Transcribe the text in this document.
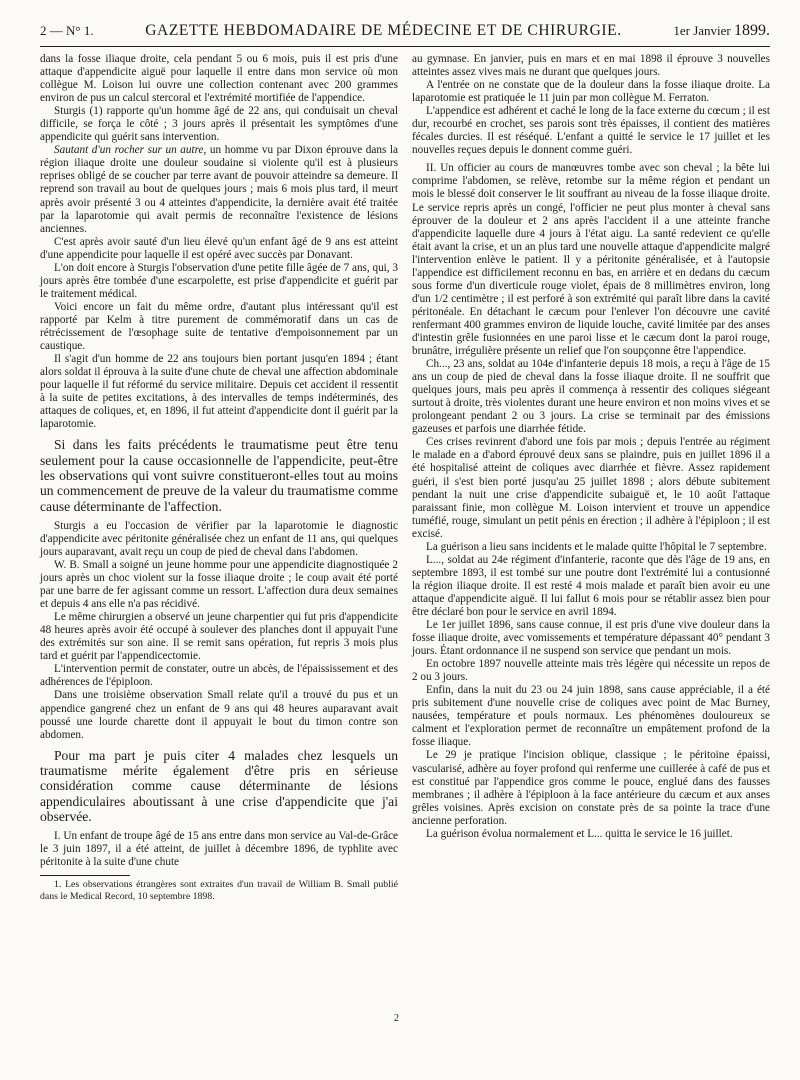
2 — N° 1.	GAZETTE HEBDOMADAIRE DE MÉDECINE ET DE CHIRURGIE.	1er Janvier 1899.

dans la fosse iliaque droite, cela pendant 5 ou 6 mois, puis il est pris d'une attaque d'appendicite aiguë pour laquelle il entre dans mon service où mon collègue M. Loison lui ouvre une collection contenant avec 200 grammes environ de pus un calcul stercoral et l'extrémité mortifiée de l'appendice.

Sturgis (1) rapporte qu'un homme âgé de 22 ans, qui conduisait un cheval difficile, se força le côté ; 3 jours après il présentait les symptômes d'une appendicite qui guérit sans intervention.

Sautant d'un rocher sur un autre, un homme vu par Dixon éprouve dans la région iliaque droite une douleur soudaine si violente qu'il est à plusieurs reprises obligé de se coucher par terre avant de pouvoir atteindre sa demeure. Il reprend son travail au bout de quelques jours ; mais 6 mois plus tard, il meurt après avoir présenté 3 ou 4 atteintes d'appendicite, la dernière avait été traitée par la laparotomie qui avait permis de reconnaître l'existence de lésions anciennes.

C'est après avoir sauté d'un lieu élevé qu'un enfant âgé de 9 ans est atteint d'une appendicite pour laquelle il est opéré avec succès par Donavant.

L'on doit encore à Sturgis l'observation d'une petite fille âgée de 7 ans, qui, 3 jours après être tombée d'une escarpolette, est prise d'appendicite et guérit par le traitement médical.

Voici encore un fait du même ordre, d'autant plus intéressant qu'il est rapporté par Kelm à titre purement de commémoratif dans un cas de rétrécissement de l'œsophage suite de tentative d'empoisonnement par un caustique.

Il s'agit d'un homme de 22 ans toujours bien portant jusqu'en 1894 ; étant alors soldat il éprouva à la suite d'une chute de cheval une affection abdominale pour laquelle il fut réformé du service militaire. Depuis cet accident il ressentit à la suite de petites excitations, à des intervalles de temps indéterminés, des attaques de coliques, et, en 1896, il fut atteint d'appendicite dont il guérit par la laparotomie.

Si dans les faits précédents le traumatisme peut être tenu seulement pour la cause occasionnelle de l'appendicite, peut-être les observations qui vont suivre constitueront-elles tout au moins un commencement de preuve de la valeur du traumatisme comme cause déterminante de l'affection.

Sturgis a eu l'occasion de vérifier par la laparotomie le diagnostic d'appendicite avec péritonite généralisée chez un enfant de 11 ans, qui quelques jours auparavant, avait reçu un coup de pied de cheval dans l'abdomen.

W. B. Small a soigné un jeune homme pour une appendicite diagnostiquée 2 jours après un choc violent sur la fosse iliaque droite ; le coup avait été porté par une barre de fer agissant comme un ressort. L'affection dura deux semaines et depuis 4 ans elle n'a pas récidivé.

Le même chirurgien a observé un jeune charpentier qui fut pris d'appendicite 48 heures après avoir été occupé à soulever des planches dont il appuyait l'une des extrémités sur son aine. Il se remit sans opération, fut repris 3 mois plus tard et guérit par l'appendicectomie.

L'intervention permit de constater, outre un abcès, de l'épaississement et des adhérences de l'épiploon.

Dans une troisième observation Small relate qu'il a trouvé du pus et un appendice gangrené chez un enfant de 9 ans qui 48 heures auparavant avait poussé une lourde charette dont il appuyait le bout du timon contre son abdomen.

Pour ma part je puis citer 4 malades chez lesquels un traumatisme mérite également d'être pris en sérieuse considération comme cause déterminante de lésions appendiculaires aboutissant à une crise d'appendicite que j'ai observée.

I. Un enfant de troupe âgé de 15 ans entre dans mon service au Val-de-Grâce le 3 juin 1897, il a été atteint, de juillet à décembre 1896, de typhlite avec péritonite à la suite d'une chute

1. Les observations étrangères sont extraites d'un travail de William B. Small publié dans le Medical Record, 10 septembre 1898.

au gymnase. En janvier, puis en mars et en mai 1898 il éprouve 3 nouvelles atteintes assez vives mais ne durant que quelques jours.

A l'entrée on ne constate que de la douleur dans la fosse iliaque droite. La laparotomie est pratiquée le 11 juin par mon collègue M. Ferraton.

L'appendice est adhérent et caché le long de la face externe du cœcum ; il est dur, recourbé en crochet, ses parois sont très épaisses, il contient des matières fécales durcies. Il est réséqué. L'enfant a quitté le service le 17 juillet et les nouvelles reçues depuis le donnent comme guéri.

II. Un officier au cours de manœuvres tombe avec son cheval ; la bête lui comprime l'abdomen, se relève, retombe sur la même région et pendant un mois le blessé doit conserver le lit souffrant au niveau de la fosse iliaque droite. Le service repris après un congé, l'officier ne peut plus monter à cheval sans éprouver de la douleur et 2 ans après l'accident il a une atteinte franche d'appendicite laquelle dure 4 jours à l'état aigu. La santé redevient ce qu'elle était avant la crise, et un an plus tard une nouvelle attaque d'appendicite malgré l'intervention enlève le patient. Il y a péritonite généralisée, et à l'autopsie l'appendice est difficilement reconnu en bas, en arrière et en dedans du cæcum sous forme d'un diverticule rouge violet, épais de 8 millimètres environ, long d'un 1/2 centimètre ; il est perforé à son extrémité qui paraît libre dans la cavité péritonéale. En détachant le cæcum pour l'enlever l'on découvre une cavité renfermant 400 grammes environ de liquide louche, cavité limitée par des anses d'intestin grêle fusionnées en une paroi lisse et le cæcum dont la paroi rouge, brunâtre, irrégulière présente un relief que l'on soupçonne être l'appendice.

Ch..., 23 ans, soldat au 104e d'infanterie depuis 18 mois, a reçu à l'âge de 15 ans un coup de pied de cheval dans la fosse iliaque droite. Il ne souffrit que quelques jours, mais peu après il commença à ressentir des coliques siégeant surtout à droite, très violentes durant une heure environ et non moins vives et se prolongeant pendant 2 ou 3 jours. La crise se terminait par des émissions gazeuses et parfois une diarrhée fétide.

Ces crises revinrent d'abord une fois par mois ; depuis l'entrée au régiment le malade en a d'abord éprouvé deux sans se plaindre, puis en juillet 1896 il a été hospitalisé atteint de coliques avec diarrhée et fièvre. Assez rapidement guéri, il s'est bien porté jusqu'au 25 juillet 1898 ; alors débute subitement pendant la nuit une crise d'appendicite subaiguë et, le 10 août l'attaque paraissant finie, mon collègue M. Loison intervient et trouve un appendice tuméfié, rouge, simulant un petit pénis en érection ; il adhère à l'épiploon ; il est excisé.

La guérison a lieu sans incidents et le malade quitte l'hôpital le 7 septembre.

L..., soldat au 24e régiment d'infanterie, raconte que dès l'âge de 19 ans, en septembre 1893, il est tombé sur une poutre dont l'extrémité lui a contusionné la région iliaque droite. Il est resté 4 mois malade et paraît bien avoir eu une attaque d'appendicite aiguë. Il lui fallut 6 mois pour se rétablir assez bien pour être déclaré bon pour le service en avril 1894.

Le 1er juillet 1896, sans cause connue, il est pris d'une vive douleur dans la fosse iliaque droite, avec vomissements et température dépassant 40° pendant 3 jours. Étant ordonnance il ne suspend son service que pendant un mois.

En octobre 1897 nouvelle atteinte mais très légère qui nécessite un repos de 2 ou 3 jours.

Enfin, dans la nuit du 23 ou 24 juin 1898, sans cause appréciable, il a été pris subitement d'une nouvelle crise de coliques avec point de Mac Burney, nausées, température et pouls normaux. Les phénomènes douloureux se calment et l'exploration permet de reconnaître un empâtement profond de la fosse iliaque.

Le 29 je pratique l'incision oblique, classique ; le péritoine épaissi, vascularisé, adhère au foyer profond qui renferme une cuillerée à café de pus et est constitué par l'appendice gros comme le pouce, englué dans des fausses membranes ; il adhère à l'épiploon à la face antérieure du cæcum et aux anses grêles voisines. Après excision on constate près de sa pointe la trace d'une ancienne perforation.

La guérison évolua normalement et L... quitta le service le 16 juillet.

2
